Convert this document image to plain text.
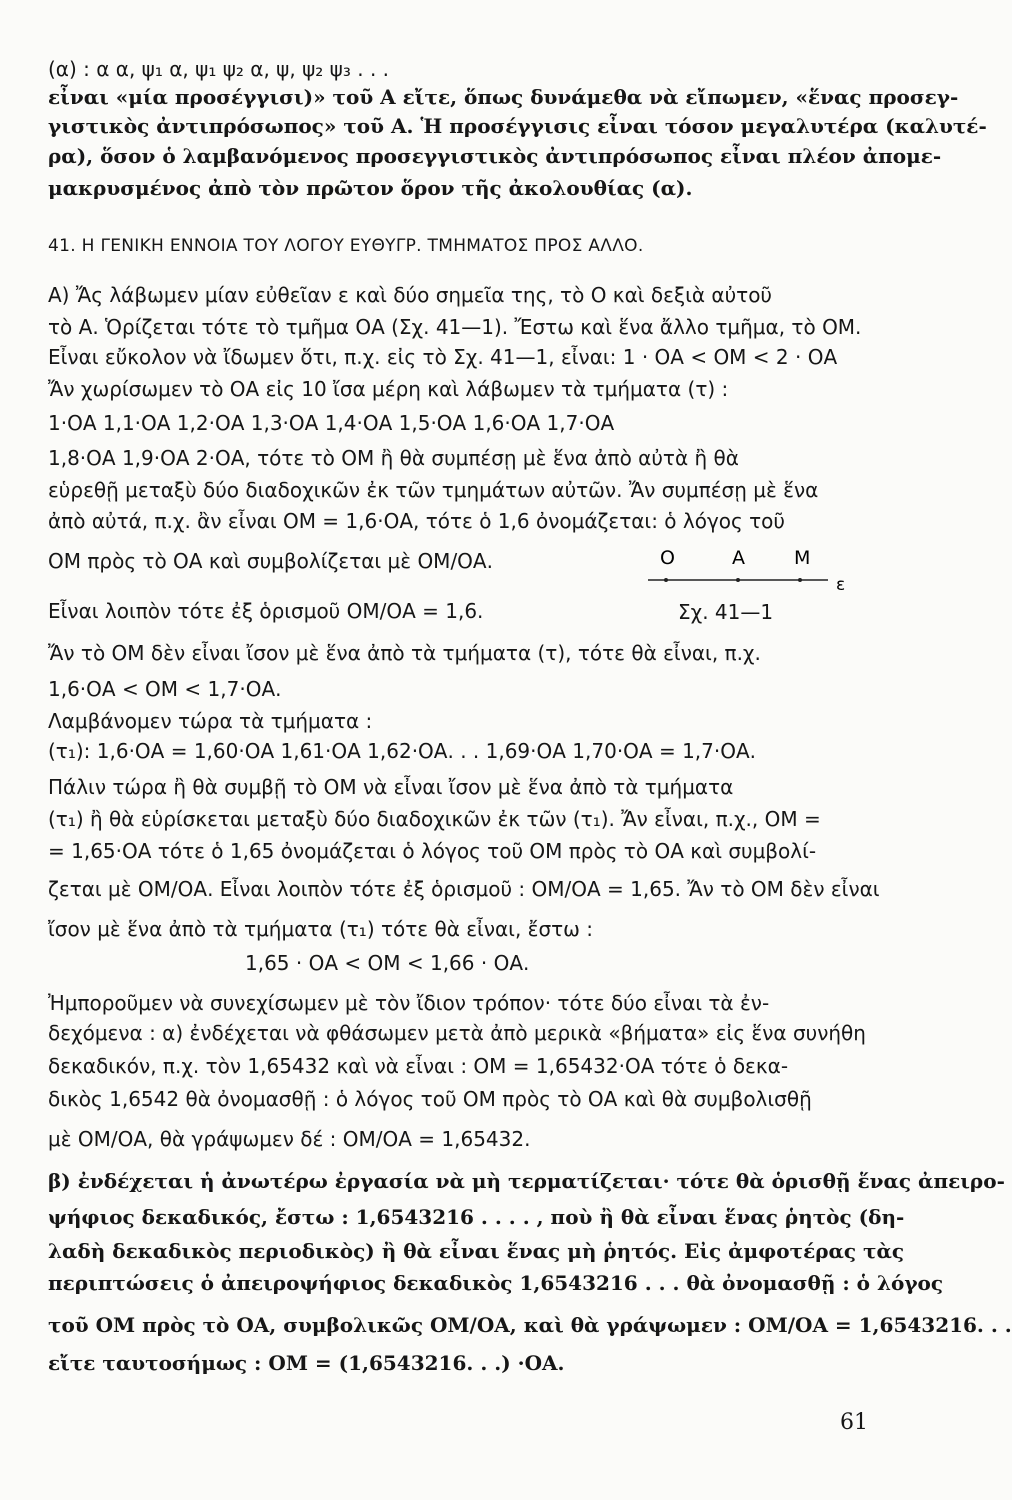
(α) : α α, ψ₁ α, ψ₁ ψ₂ α, ψ, ψ₂ ψ₃ . . .
εἶναι «μία προσέγγισι)» τοῦ Α εἴτε, ὅπως δυνάμεθα νὰ εἴπωμεν, «ἕνας προσεγ-
γιστικὸς ἀντιπρόσωπος» τοῦ Α. Ἡ προσέγγισις εἶναι τόσον μεγαλυτέρα (καλυτέ-
ρα), ὅσον ὁ λαμβανόμενος προσεγγιστικὸς ἀντιπρόσωπος εἶναι πλέον ἀπομε-
μακρυσμένος ἀπὸ τὸν πρῶτον ὅρον τῆς ἀκολουθίας (α).
41. Η ΓΕΝΙΚΗ ΕΝΝΟΙΑ ΤΟΥ ΛΟΓΟΥ ΕΥΘΥΓΡ. ΤΜΗΜΑΤΟΣ ΠΡΟΣ ΑΛΛΟ.
Α) Ἄς λάβωμεν μίαν εὐθεῖαν ε καὶ δύο σημεῖα της, τὸ Ο καὶ δεξιὰ αὐτοῦ
τὸ Α. Ὁρίζεται τότε τὸ τμῆμα ΟΑ (Σχ. 41—1). Ἔστω καὶ ἕνα ἄλλο τμῆμα, τὸ ΟΜ.
Εἶναι εὔκολον νὰ ἴδωμεν ὅτι, π.χ. εἰς τὸ Σχ. 41—1, εἶναι: 1 · ΟΑ < ΟΜ < 2 · ΟΑ
Ἄν χωρίσωμεν τὸ ΟΑ εἰς 10 ἴσα μέρη καὶ λάβωμεν τὰ τμήματα (τ) :
1·ΟΑ 1,1·ΟΑ 1,2·ΟΑ 1,3·ΟΑ 1,4·ΟΑ 1,5·ΟΑ 1,6·ΟΑ 1,7·ΟΑ
1,8·ΟΑ 1,9·ΟΑ 2·ΟΑ, τότε τὸ ΟΜ ἢ θὰ συμπέσῃ μὲ ἕνα ἀπὸ αὐτὰ ἢ θὰ
εὑρεθῇ μεταξὺ δύο διαδοχικῶν ἐκ τῶν τμημάτων αὐτῶν. Ἄν συμπέσῃ μὲ ἕνα
ἀπὸ αὐτά, π.χ. ἂν εἶναι ΟΜ = 1,6·ΟΑ, τότε ὁ 1,6 ὀνομάζεται: ὁ λόγος τοῦ
ΟΜ πρὸς τὸ ΟΑ καὶ συμβολίζεται μὲ ΟΜ/ΟΑ.	O	A	M
ε
Εἶναι λοιπὸν τότε ἐξ ὁρισμοῦ ΟΜ/ΟΑ = 1,6.	Σχ. 41—1
Ἄν τὸ ΟΜ δὲν εἶναι ἴσον μὲ ἕνα ἀπὸ τὰ τμήματα (τ), τότε θὰ εἶναι, π.χ.
1,6·ΟΑ < ΟΜ < 1,7·ΟΑ.
Λαμβάνομεν τώρα τὰ τμήματα :
(τ₁): 1,6·ΟΑ = 1,60·ΟΑ 1,61·ΟΑ 1,62·ΟΑ. . . 1,69·ΟΑ 1,70·ΟΑ = 1,7·ΟΑ.
Πάλιν τώρα ἢ θὰ συμβῇ τὸ ΟΜ νὰ εἶναι ἴσον μὲ ἕνα ἀπὸ τὰ τμήματα
(τ₁) ἢ θὰ εὑρίσκεται μεταξὺ δύο διαδοχικῶν ἐκ τῶν (τ₁). Ἄν εἶναι, π.χ., ΟΜ =
= 1,65·ΟΑ τότε ὁ 1,65 ὀνομάζεται ὁ λόγος τοῦ ΟΜ πρὸς τὸ ΟΑ καὶ συμβολί-
ζεται μὲ ΟΜ/ΟΑ. Εἶναι λοιπὸν τότε ἐξ ὁρισμοῦ : ΟΜ/ΟΑ = 1,65. Ἄν τὸ ΟΜ δὲν εἶναι
ἴσον μὲ ἕνα ἀπὸ τὰ τμήματα (τ₁) τότε θὰ εἶναι, ἔστω :
1,65 · ΟΑ < ΟΜ < 1,66 · ΟΑ.
Ἠμποροῦμεν νὰ συνεχίσωμεν μὲ τὸν ἴδιον τρόπον· τότε δύο εἶναι τὰ ἐν-
δεχόμενα : α) ἐνδέχεται νὰ φθάσωμεν μετὰ ἀπὸ μερικὰ «βήματα» εἰς ἕνα συνήθη
δεκαδικόν, π.χ. τὸν 1,65432 καὶ νὰ εἶναι : ΟΜ = 1,65432·ΟΑ τότε ὁ δεκα-
δικὸς 1,6542 θὰ ὀνομασθῇ : ὁ λόγος τοῦ ΟΜ πρὸς τὸ ΟΑ καὶ θὰ συμβολισθῇ
μὲ ΟΜ/ΟΑ, θὰ γράψωμεν δέ : ΟΜ/ΟΑ = 1,65432.
β) ἐνδέχεται ἡ ἀνωτέρω ἐργασία νὰ μὴ τερματίζεται· τότε θὰ ὁρισθῇ ἕνας ἀπειρο-
ψήφιος δεκαδικός, ἔστω : 1,6543216 . . . . , ποὺ ἢ θὰ εἶναι ἕνας ῥητὸς (δη-
λαδὴ δεκαδικὸς περιοδικὸς) ἢ θὰ εἶναι ἕνας μὴ ῥητός. Εἰς ἀμφοτέρας τὰς
περιπτώσεις ὁ ἀπειροψήφιος δεκαδικὸς 1,6543216 . . . θὰ ὀνομασθῇ : ὁ λόγος
τοῦ ΟΜ πρὸς τὸ ΟΑ, συμβολικῶς ΟΜ/ΟΑ, καὶ θὰ γράψωμεν : ΟΜ/ΟΑ = 1,6543216. . .
εἴτε ταυτοσήμως : ΟΜ = (1,6543216. . .) ·ΟΑ.
61
